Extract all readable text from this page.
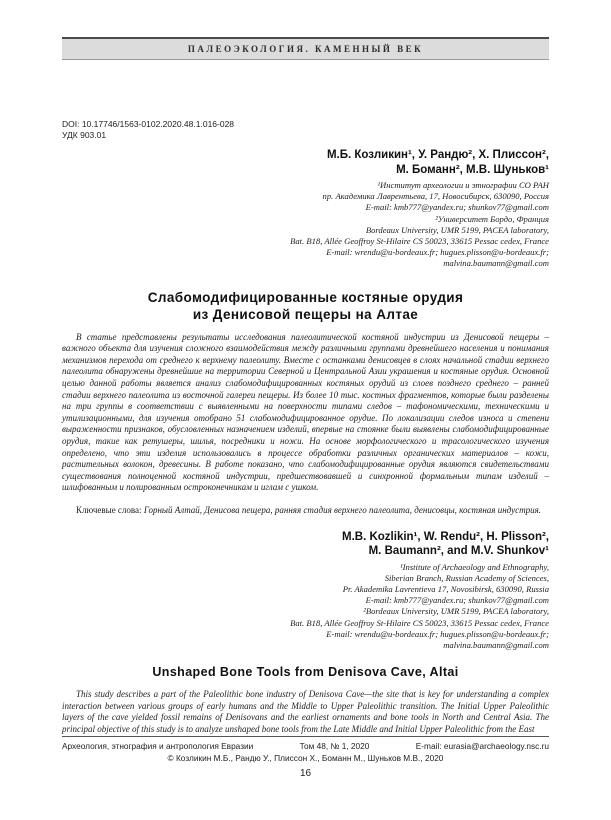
ПАЛЕОЭКОЛОГИЯ. КАМЕННЫЙ ВЕК
DOI: 10.17746/1563-0102.2020.48.1.016-028
УДК 903.01
М.Б. Козликин¹, У. Рандю², Х. Плиссон²,
М. Боманн², М.В. Шуньков¹
¹Институт археологии и этнографии СО РАН
пр. Академика Лаврентьева, 17, Новосибирск, 630090, Россия
E-mail: kmb777@yandex.ru; shunkov77@gmail.com
²Университет Бордо, Франция
Bordeaux University, UMR 5199, PACEA laboratory,
Bat. B18, Allée Geoffroy St-Hilaire CS 50023, 33615 Pessac cedex, France
E-mail: wrendu@u-bordeaux.fr; hugues.plisson@u-bordeaux.fr;
malvina.baumann@gmail.com
Слабомодифицированные костяные орудия
из Денисовой пещеры на Алтае
В статье представлены результаты исследования палеолитической костяной индустрии из Денисовой пещеры – важного объекта для изучения сложного взаимодействия между различными группами древнейшего населения и понимания механизмов перехода от среднего к верхнему палеолиту. Вместе с останками денисовцев в слоях начальной стадии верхнего палеолита обнаружены древнейшие на территории Северной и Центральной Азии украшения и костяные орудия. Основной целью данной работы является анализ слабомодифицированных костяных орудий из слоев позднего среднего – ранней стадии верхнего палеолита из восточной галереи пещеры. Из более 10 тыс. костных фрагментов, которые были разделены на три группы в соответствии с выявленными на поверхности типами следов – тафономическими, техническими и утилизационными, для изучения отобрано 51 слабомодифицированное орудие. По локализации следов износа и степени выраженности признаков, обусловленных назначением изделий, впервые на стоянке были выявлены слабомодифицированные орудия, такие как ретушеры, шилья, посредники и ножи. На основе морфологического и трасологического изучения определено, что эти изделия использовались в процессе обработки различных органических материалов – кожи, растительных волокон, древесины. В работе показано, что слабомодифицированные орудия являются свидетельствами существования полноценной костяной индустрии, предшествовавшей и синхронной формальным типам изделий – шлифованным и полированным остроконечникам и иглам с ушком.
Ключевые слова: Горный Алтай, Денисова пещера, ранняя стадия верхнего палеолита, денисовцы, костяная индустрия.
M.B. Kozlikin¹, W. Rendu², H. Plisson²,
M. Baumann², and M.V. Shunkov¹
¹Institute of Archaeology and Ethnography,
Siberian Branch, Russian Academy of Sciences,
Pr. Akademika Lavrentieva 17, Novosibirsk, 630090, Russia
E-mail: kmb777@yandex.ru; shunkov77@gmail.com
²Bordeaux University, UMR 5199, PACEA laboratory,
Bat. B18, Allée Geoffroy St-Hilaire CS 50023, 33615 Pessac cedex, France
E-mail: wrendu@u-bordeaux.fr; hugues.plisson@u-bordeaux.fr;
malvina.baumann@gmail.com
Unshaped Bone Tools from Denisova Cave, Altai
This study describes a part of the Paleolithic bone industry of Denisova Cave—the site that is key for understanding a complex interaction between various groups of early humans and the Middle to Upper Paleolithic transition. The Initial Upper Paleolithic layers of the cave yielded fossil remains of Denisovans and the earliest ornaments and bone tools in North and Central Asia. The principal objective of this study is to analyze unshaped bone tools from the Late Middle and Initial Upper Paleolithic from the East
Археология, этнография и антропология Евразии	Том 48, № 1, 2020	E-mail: eurasia@archaeology.nsc.ru
© Козликин М.Б., Рандю У., Плиссон Х., Боманн М., Шуньков М.В., 2020
16
